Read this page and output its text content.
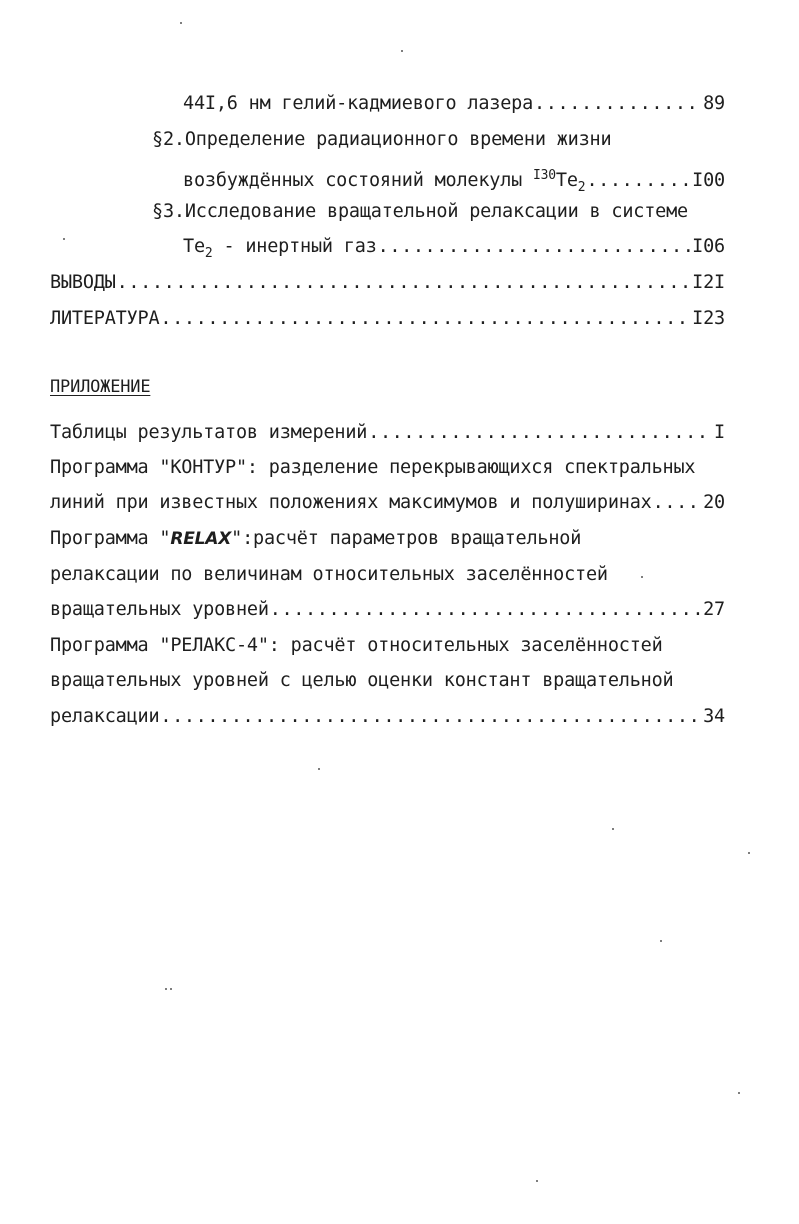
44I,6 нм гелий-кадмиевого лазера .....	89
§2.Определение радиационного времени жизни
возбуждённых состояний молекулы $^{I30}Te_2$ .....	I00
§3.Исследование вращательной релаксации в системе
$Te_2$ - инертный газ .....	I06
ВЫВОДЫ .....	I2I
ЛИТЕРАТУРА .....	I23
ПРИЛОЖЕНИЕ
Таблицы результатов измерений .....	I
Программа "КОНТУР": разделение перекрывающихся спектральных
линий при известных положениях максимумов и полуширинах .....	20
Программа "RELAX":расчёт параметров вращательной
релаксации по величинам относительных заселённостей
вращательных уровней .....	27
Программа "РЕЛАКС-4": расчёт относительных заселённостей
вращательных уровней с целью оценки констант вращательной
релаксации .....	34
